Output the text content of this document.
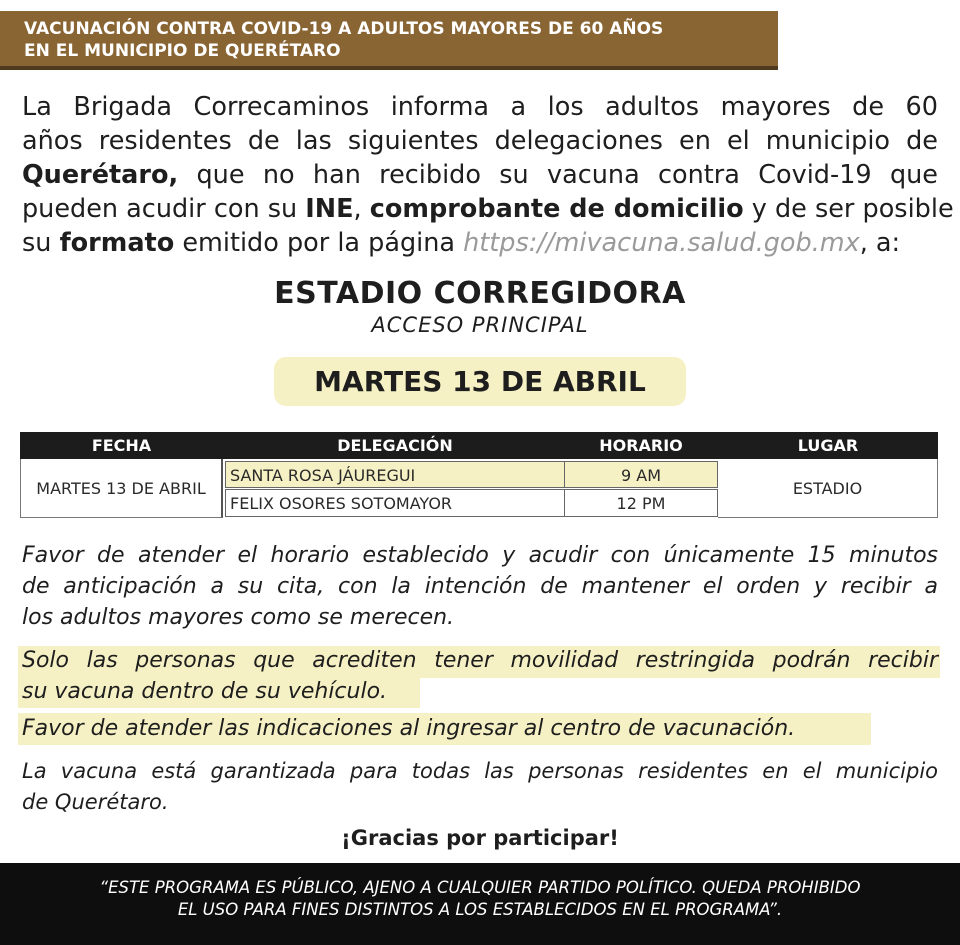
VACUNACIÓN CONTRA COVID-19 A ADULTOS MAYORES DE 60 AÑOS
EN EL MUNICIPIO DE QUERÉTARO

La Brigada Correcaminos informa a los adultos mayores de 60
años residentes de las siguientes delegaciones en el municipio de
Querétaro, que no han recibido su vacuna contra Covid-19 que
pueden acudir con su INE, comprobante de domicilio y de ser posible
su formato emitido por la página https://mivacuna.salud.gob.mx, a:

ESTADIO CORREGIDORA
ACCESO PRINCIPAL
MARTES 13 DE ABRIL
FECHA	DELEGACIÓN	HORARIO	LUGAR
MARTES 13 DE ABRIL
SANTA ROSA JÁUREGUI	9 AM
FELIX OSORES SOTOMAYOR	12 PM
ESTADIO

Favor de atender el horario establecido y acudir con únicamente 15 minutos
de anticipación a su cita, con la intención de mantener el orden y recibir a
los adultos mayores como se merecen.

Solo las personas que acrediten tener movilidad restringida podrán recibir
su vacuna dentro de su vehículo.

Favor de atender las indicaciones al ingresar al centro de vacunación.

La vacuna está garantizada para todas las personas residentes en el municipio
de Querétaro.

¡Gracias por participar!
“ESTE PROGRAMA ES PÚBLICO, AJENO A CUALQUIER PARTIDO POLÍTICO. QUEDA PROHIBIDO
EL USO PARA FINES DISTINTOS A LOS ESTABLECIDOS EN EL PROGRAMA”.
